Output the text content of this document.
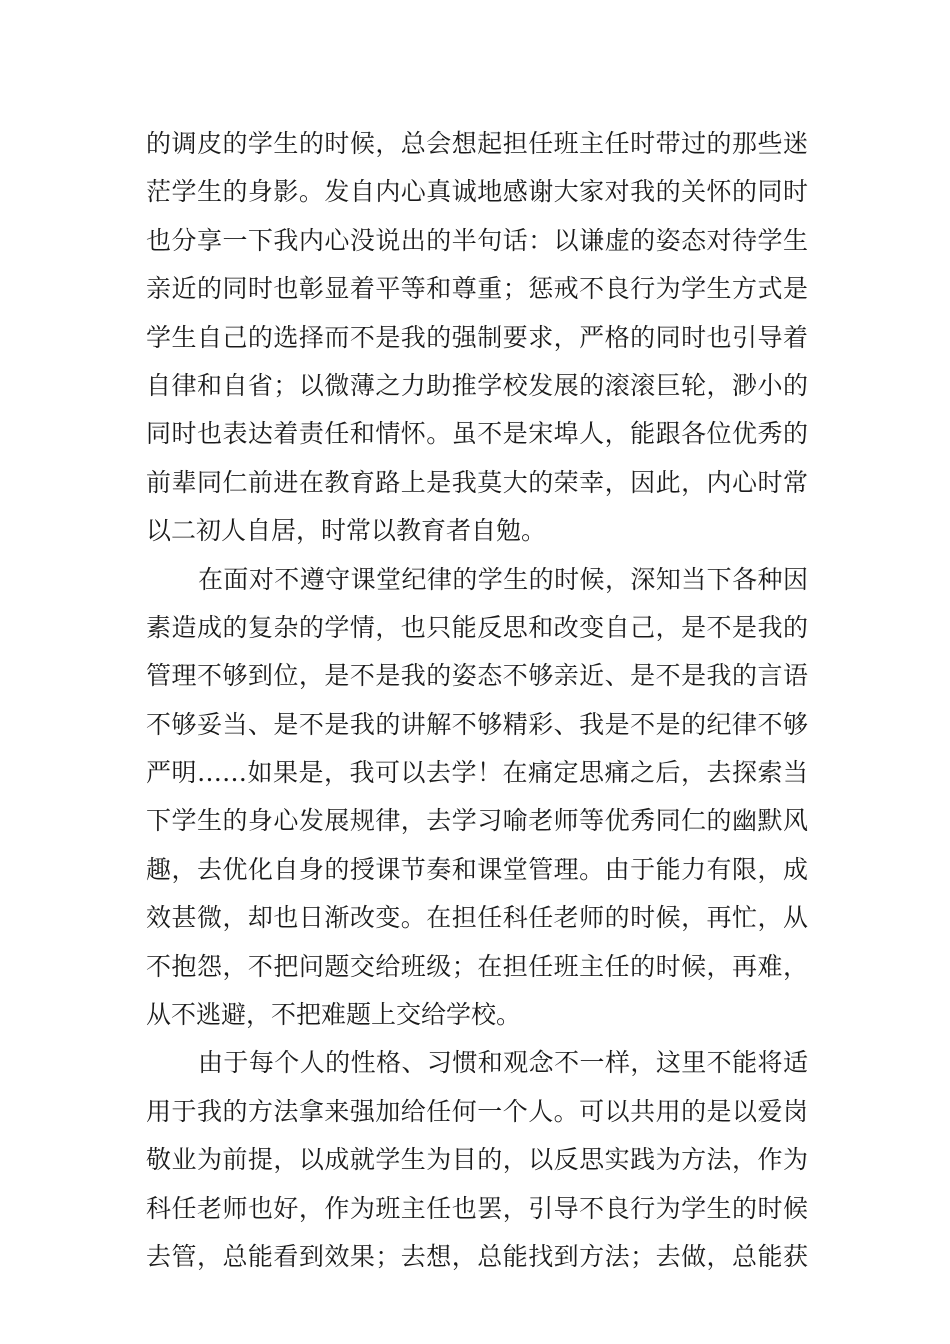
的调皮的学生的时候，总会想起担任班主任时带过的那些迷
茫学生的身影。发自内心真诚地感谢大家对我的关怀的同时
也分享一下我内心没说出的半句话：以谦虚的姿态对待学生
亲近的同时也彰显着平等和尊重；惩戒不良行为学生方式是
学生自己的选择而不是我的强制要求，严格的同时也引导着
自律和自省；以微薄之力助推学校发展的滚滚巨轮，渺小的
同时也表达着责任和情怀。虽不是宋埠人，能跟各位优秀的
前辈同仁前进在教育路上是我莫大的荣幸，因此，内心时常
以二初人自居，时常以教育者自勉。
在面对不遵守课堂纪律的学生的时候，深知当下各种因
素造成的复杂的学情，也只能反思和改变自己，是不是我的
管理不够到位，是不是我的姿态不够亲近、是不是我的言语
不够妥当、是不是我的讲解不够精彩、我是不是的纪律不够
严明……如果是，我可以去学！在痛定思痛之后，去探索当
下学生的身心发展规律，去学习喻老师等优秀同仁的幽默风
趣，去优化自身的授课节奏和课堂管理。由于能力有限，成
效甚微，却也日渐改变。在担任科任老师的时候，再忙，从
不抱怨，不把问题交给班级；在担任班主任的时候，再难，
从不逃避，不把难题上交给学校。
由于每个人的性格、习惯和观念不一样，这里不能将适
用于我的方法拿来强加给任何一个人。可以共用的是以爱岗
敬业为前提，以成就学生为目的，以反思实践为方法，作为
科任老师也好，作为班主任也罢，引导不良行为学生的时候
去管，总能看到效果；去想，总能找到方法；去做，总能获
